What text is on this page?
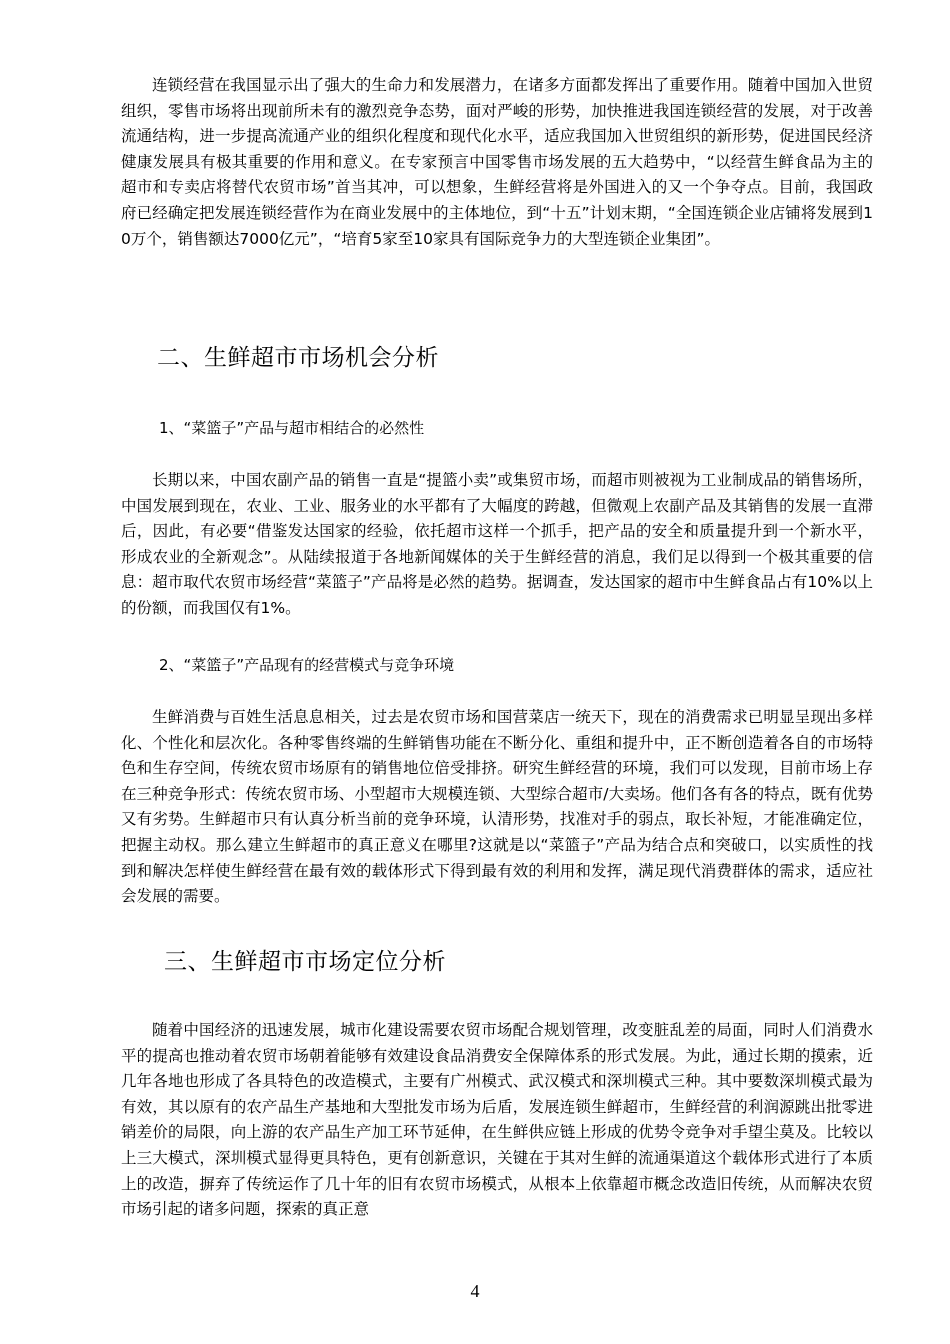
连锁经营在我国显示出了强大的生命力和发展潜力，在诸多方面都发挥出了重要作用。随着中国加入世贸组织，零售市场将出现前所未有的激烈竞争态势，面对严峻的形势，加快推进我国连锁经营的发展，对于改善流通结构，进一步提高流通产业的组织化程度和现代化水平，适应我国加入世贸组织的新形势，促进国民经济健康发展具有极其重要的作用和意义。在专家预言中国零售市场发展的五大趋势中，“以经营生鲜食品为主的超市和专卖店将替代农贸市场”首当其冲，可以想象，生鲜经营将是外国进入的又一个争夺点。目前，我国政府已经确定把发展连锁经营作为在商业发展中的主体地位，到“十五”计划末期，“全国连锁企业店铺将发展到10万个，销售额达7000亿元”，“培育5家至10家具有国际竞争力的大型连锁企业集团”。

二、生鲜超市市场机会分析

1、“菜篮子”产品与超市相结合的必然性

长期以来，中国农副产品的销售一直是“提篮小卖”或集贸市场，而超市则被视为工业制成品的销售场所，中国发展到现在，农业、工业、服务业的水平都有了大幅度的跨越，但微观上农副产品及其销售的发展一直滞后，因此，有必要“借鉴发达国家的经验，依托超市这样一个抓手，把产品的安全和质量提升到一个新水平，形成农业的全新观念”。从陆续报道于各地新闻媒体的关于生鲜经营的消息，我们足以得到一个极其重要的信息：超市取代农贸市场经营“菜篮子”产品将是必然的趋势。据调查，发达国家的超市中生鲜食品占有10%以上的份额，而我国仅有1%。

2、“菜篮子”产品现有的经营模式与竞争环境

生鲜消费与百姓生活息息相关，过去是农贸市场和国营菜店一统天下，现在的消费需求已明显呈现出多样化、个性化和层次化。各种零售终端的生鲜销售功能在不断分化、重组和提升中，正不断创造着各自的市场特色和生存空间，传统农贸市场原有的销售地位倍受排挤。研究生鲜经营的环境，我们可以发现，目前市场上存在三种竞争形式：传统农贸市场、小型超市大规模连锁、大型综合超市/大卖场。他们各有各的特点，既有优势又有劣势。生鲜超市只有认真分析当前的竞争环境，认清形势，找准对手的弱点，取长补短，才能准确定位，把握主动权。那么建立生鲜超市的真正意义在哪里?这就是以“菜篮子”产品为结合点和突破口，以实质性的找到和解决怎样使生鲜经营在最有效的载体形式下得到最有效的利用和发挥，满足现代消费群体的需求，适应社会发展的需要。

三、生鲜超市市场定位分析

随着中国经济的迅速发展，城市化建设需要农贸市场配合规划管理，改变脏乱差的局面，同时人们消费水平的提高也推动着农贸市场朝着能够有效建设食品消费安全保障体系的形式发展。为此，通过长期的摸索，近几年各地也形成了各具特色的改造模式，主要有广州模式、武汉模式和深圳模式三种。其中要数深圳模式最为有效，其以原有的农产品生产基地和大型批发市场为后盾，发展连锁生鲜超市，生鲜经营的利润源跳出批零进销差价的局限，向上游的农产品生产加工环节延伸，在生鲜供应链上形成的优势令竞争对手望尘莫及。比较以上三大模式，深圳模式显得更具特色，更有创新意识，关键在于其对生鲜的流通渠道这个载体形式进行了本质上的改造，摒弃了传统运作了几十年的旧有农贸市场模式，从根本上依靠超市概念改造旧传统，从而解决农贸市场引起的诸多问题，探索的真正意

4
